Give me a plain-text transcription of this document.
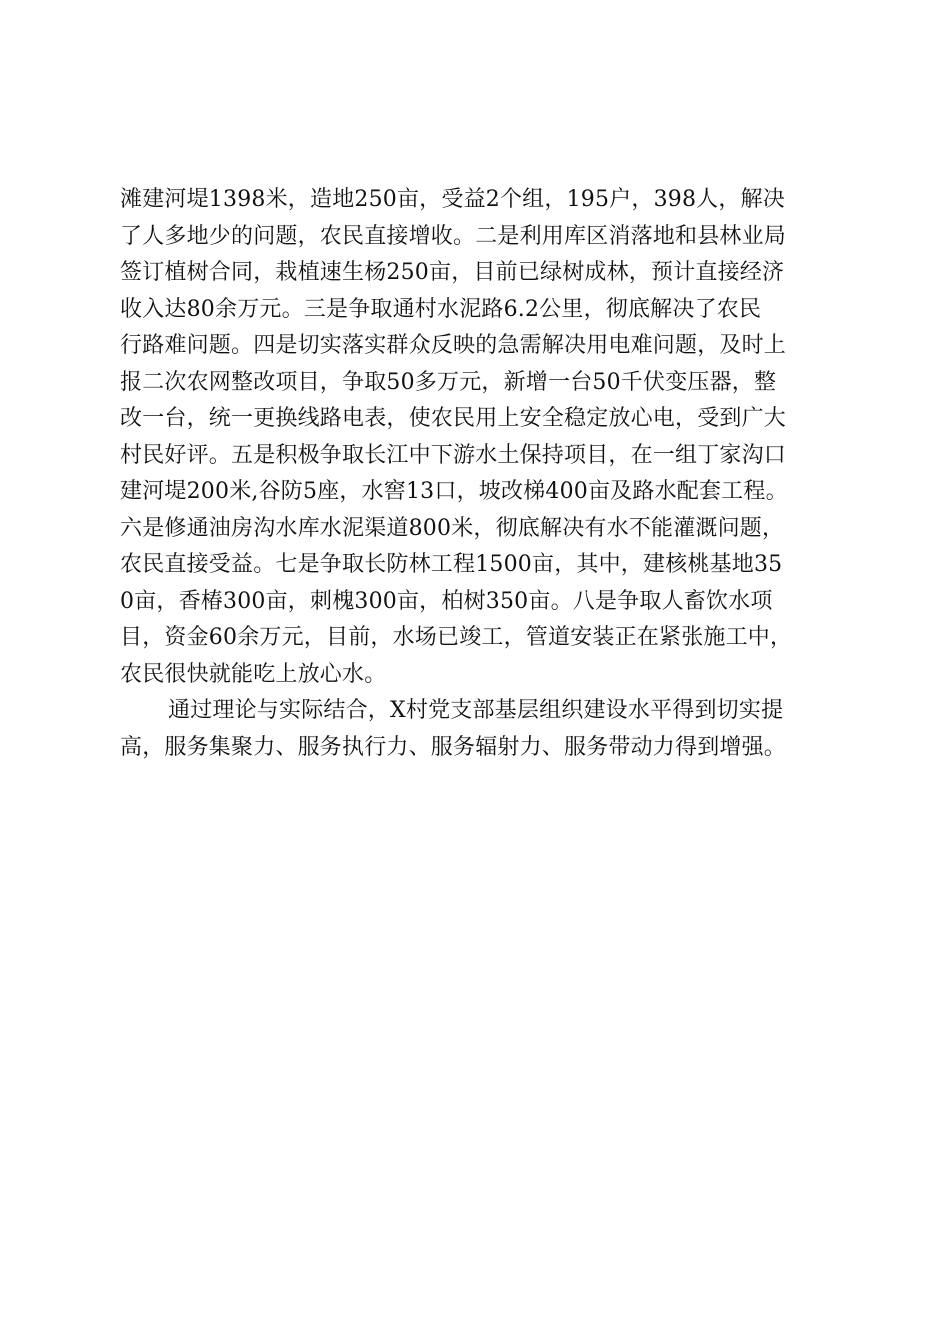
滩建河堤1398米，造地250亩，受益2个组，195户，398人，解决
了人多地少的问题，农民直接增收。二是利用库区消落地和县林业局
签订植树合同，栽植速生杨250亩，目前已绿树成林，预计直接经济
收入达80余万元。三是争取通村水泥路6.2公里，彻底解决了农民
行路难问题。四是切实落实群众反映的急需解决用电难问题，及时上
报二次农网整改项目，争取50多万元，新增一台50千伏变压器，整
改一台，统一更换线路电表，使农民用上安全稳定放心电，受到广大
村民好评。五是积极争取长江中下游水土保持项目，在一组丁家沟口
建河堤200米,谷防5座，水窖13口，坡改梯400亩及路水配套工程。
六是修通油房沟水库水泥渠道800米，彻底解决有水不能灌溉问题，
农民直接受益。七是争取长防林工程1500亩，其中，建核桃基地35
0亩，香椿300亩，刺槐300亩，柏树350亩。八是争取人畜饮水项
目，资金60余万元，目前，水场已竣工，管道安装正在紧张施工中，
农民很快就能吃上放心水。
通过理论与实际结合，X村党支部基层组织建设水平得到切实提
高，服务集聚力、服务执行力、服务辐射力、服务带动力得到增强。
